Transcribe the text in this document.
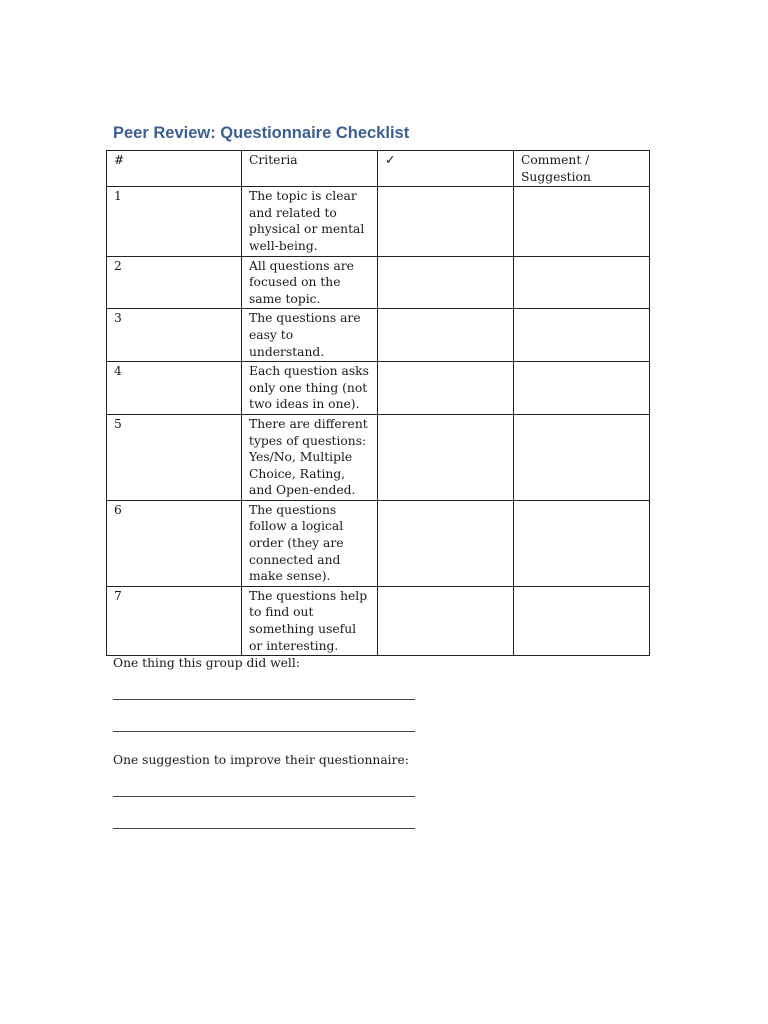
Peer Review: Questionnaire Checklist
#	Criteria	✓	Comment / Suggestion
1	The topic is clear and related to physical or mental well-being.		
2	All questions are focused on the same topic.		
3	The questions are easy to understand.		
4	Each question asks only one thing (not two ideas in one).		
5	There are different types of questions: Yes/No, Multiple Choice, Rating, and Open-ended.		
6	The questions follow a logical order (they are connected and make sense).		
7	The questions help to find out something useful or interesting.		

One thing this group did well:

One suggestion to improve their questionnaire:
